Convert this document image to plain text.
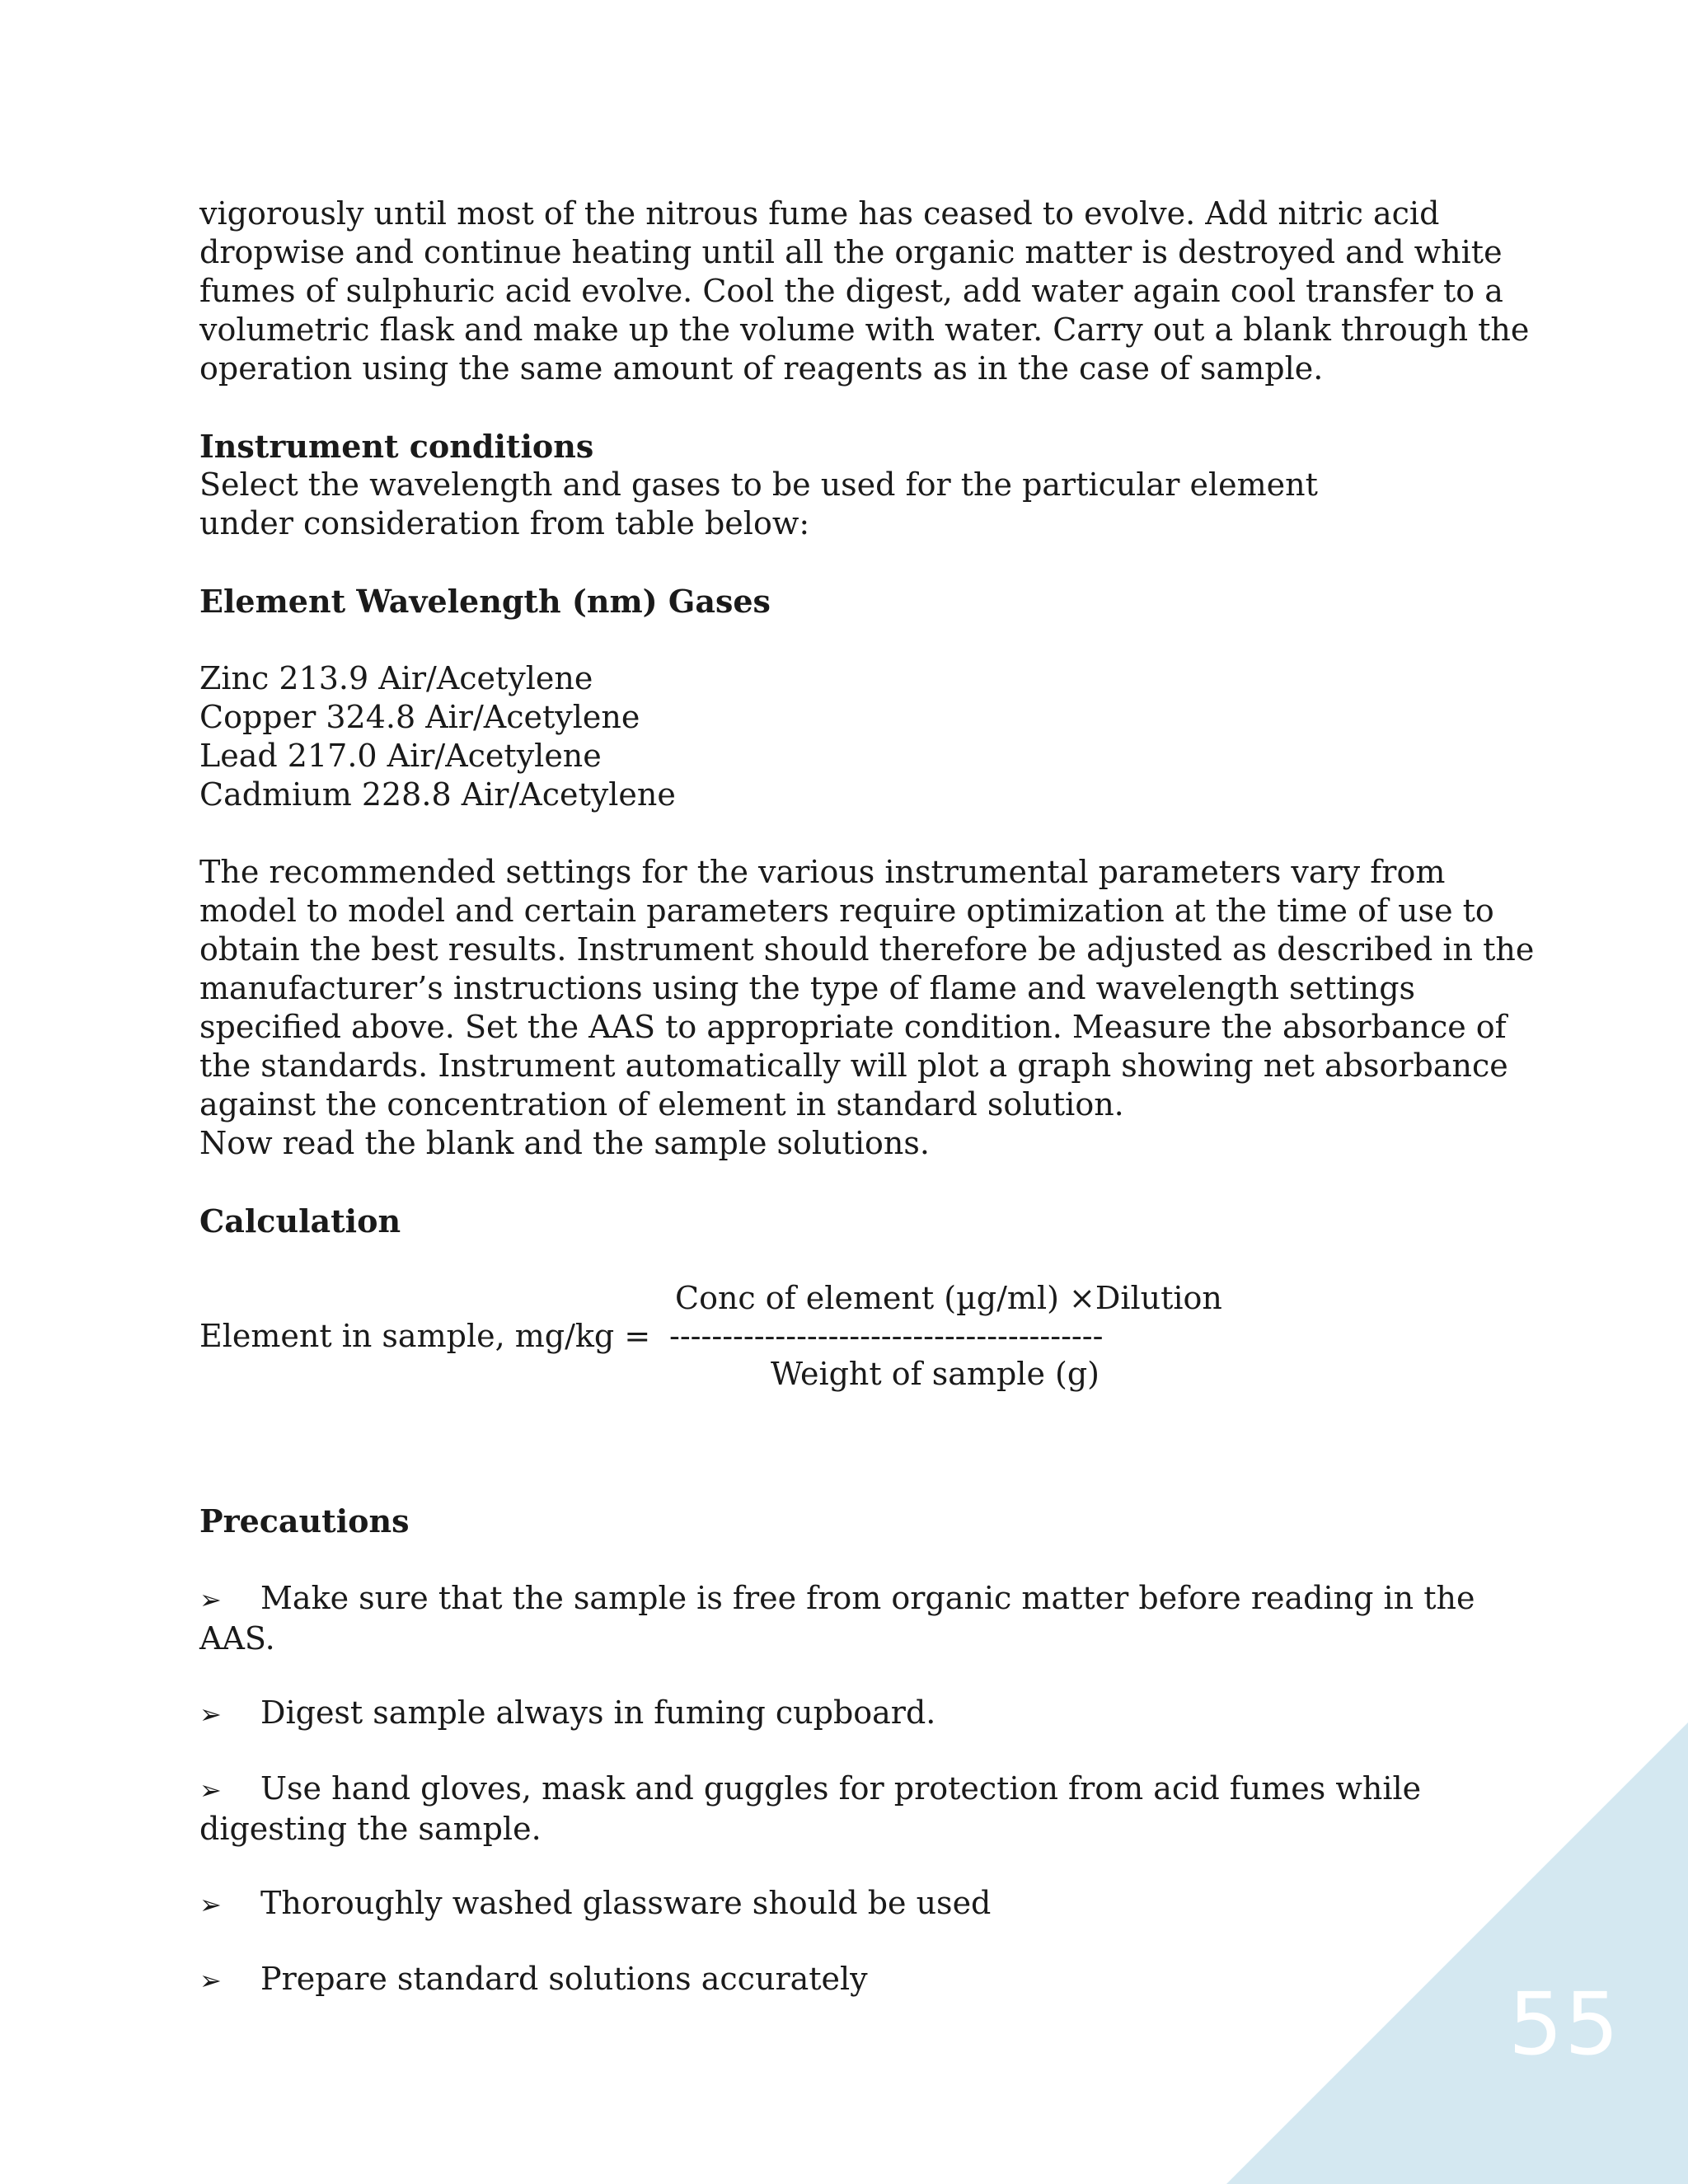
55

vigorously until most of the nitrous fume has ceased to evolve. Add nitric acid dropwise and continue heating until all the organic matter is destroyed and white fumes of sulphuric acid evolve. Cool the digest, add water again cool transfer to a volumetric flask and make up the volume with water. Carry out a blank through the operation using the same amount of reagents as in the case of sample.

Instrument conditions

Select the wavelength and gases to be used for the particular element

under consideration from table below:

Element Wavelength (nm) Gases

Zinc 213.9 Air/Acetylene

Copper 324.8 Air/Acetylene

Lead 217.0 Air/Acetylene

Cadmium 228.8 Air/Acetylene

The recommended settings for the various instrumental parameters vary from model to model and certain parameters require optimization at the time of use to obtain the best results. Instrument should therefore be adjusted as described in the manufacturer’s instructions using the type of flame and wavelength settings specified above. Set the AAS to appropriate condition. Measure the absorbance of the standards. Instrument automatically will plot a graph showing net absorbance against the concentration of element in standard solution.

Now read the blank and the sample solutions.

Calculation

Conc of element (µg/ml) ×Dilution
Element in sample, mg/kg = -----------------------------------------
Weight of sample (g)

Precautions

➢ Make sure that the sample is free from organic matter before reading in the AAS.

➢ Digest sample always in fuming cupboard.

➢ Use hand gloves, mask and guggles for protection from acid fumes while digesting the sample.

➢ Thoroughly washed glassware should be used

➢ Prepare standard solutions accurately
